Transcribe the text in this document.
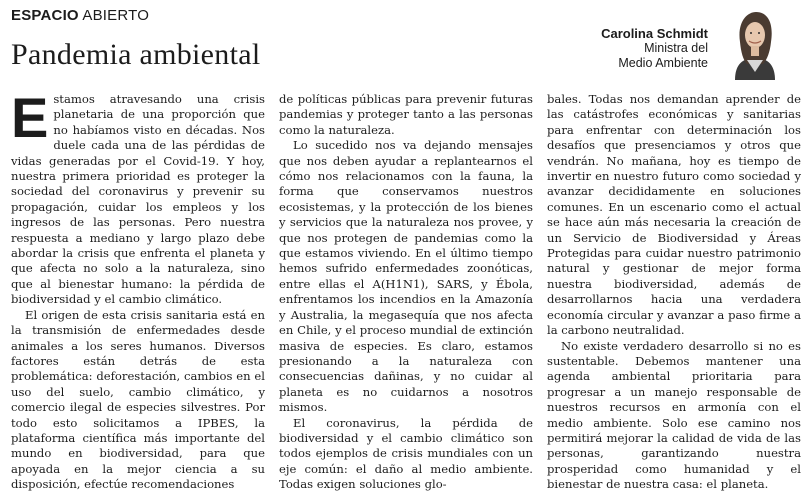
ESPACIO ABIERTO
Pandemia ambiental
Carolina Schmidt
Ministra del
Medio Ambiente

Estamos atravesando una crisis planetaria de una proporción que no habíamos visto en décadas. Nos duele cada una de las pérdidas de vidas generadas por el Covid-19. Y hoy, nuestra primera prioridad es proteger la sociedad del coronavirus y prevenir su propagación, cuidar los empleos y los ingresos de las personas. Pero nuestra respuesta a mediano y largo plazo debe abordar la crisis que enfrenta el planeta y que afecta no solo a la naturaleza, sino que al bienestar humano: la pérdida de biodiversidad y el cambio climático.

El origen de esta crisis sanitaria está en la transmisión de enfermedades desde animales a los seres humanos. Diversos factores están detrás de esta problemática: deforestación, cambios en el uso del suelo, cambio climático, y comercio ilegal de especies silvestres. Por todo esto solicitamos a IPBES, la plataforma científica más importante del mundo en biodiversidad, para que apoyada en la mejor ciencia a su disposición, efectúe recomendaciones

de políticas públicas para prevenir futuras pandemias y proteger tanto a las personas como la naturaleza.

Lo sucedido nos va dejando mensajes que nos deben ayudar a replantearnos el cómo nos relacionamos con la fauna, la forma que conservamos nuestros ecosistemas, y la protección de los bienes y servicios que la naturaleza nos provee, y que nos protegen de pandemias como la que estamos viviendo. En el último tiempo hemos sufrido enfermedades zoonóticas, entre ellas el A(H1N1), SARS, y Ébola, enfrentamos los incendios en la Amazonía y Australia, la megasequía que nos afecta en Chile, y el proceso mundial de extinción masiva de especies. Es claro, estamos presionando a la naturaleza con consecuencias dañinas, y no cuidar al planeta es no cuidarnos a nosotros mismos.

El coronavirus, la pérdida de biodiversidad y el cambio climático son todos ejemplos de crisis mundiales con un eje común: el daño al medio ambiente. Todas exigen soluciones glo-

bales. Todas nos demandan aprender de las catástrofes económicas y sanitarias para enfrentar con determinación los desafíos que presenciamos y otros que vendrán. No mañana, hoy es tiempo de invertir en nuestro futuro como sociedad y avanzar decididamente en soluciones comunes. En un escenario como el actual se hace aún más necesaria la creación de un Servicio de Biodiversidad y Áreas Protegidas para cuidar nuestro patrimonio natural y gestionar de mejor forma nuestra biodiversidad, además de desarrollarnos hacia una verdadera economía circular y avanzar a paso firme a la carbono neutralidad.

No existe verdadero desarrollo si no es sustentable. Debemos mantener una agenda ambiental prioritaria para progresar a un manejo responsable de nuestros recursos en armonía con el medio ambiente. Solo ese camino nos permitirá mejorar la calidad de vida de las personas, garantizando nuestra prosperidad como humanidad y el bienestar de nuestra casa: el planeta.
